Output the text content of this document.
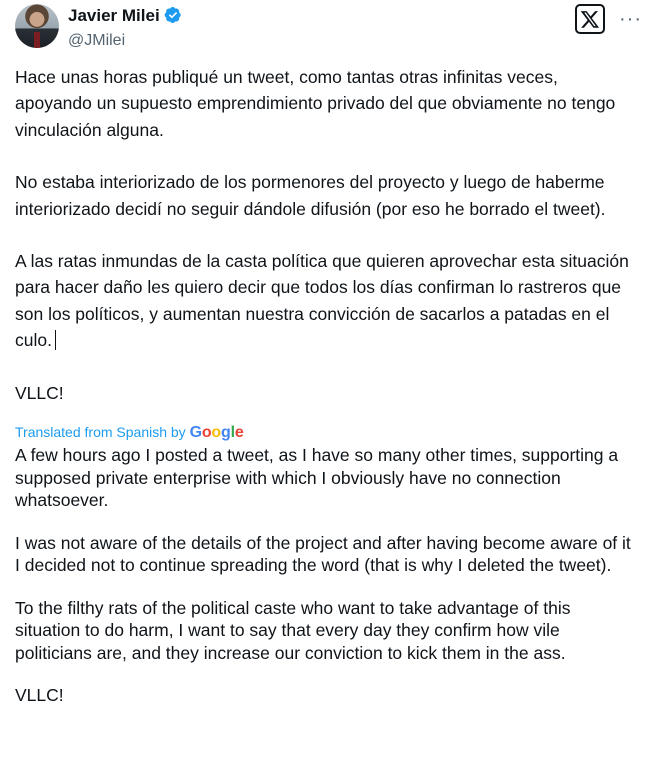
Javier Milei
@JMilei
···

Hace unas horas publiqué un tweet, como tantas otras infinitas veces, apoyando un supuesto emprendimiento privado del que obviamente no tengo vinculación alguna.

No estaba interiorizado de los pormenores del proyecto y luego de haberme interiorizado decidí no seguir dándole difusión (por eso he borrado el tweet).

A las ratas inmundas de la casta política que quieren aprovechar esta situación para hacer daño les quiero decir que todos los días confirman lo rastreros que son los políticos, y aumentan nuestra convicción de sacarlos a patadas en el culo.

VLLC!

Translated from Spanish by Google

A few hours ago I posted a tweet, as I have so many other times, supporting a supposed private enterprise with which I obviously have no connection whatsoever.

I was not aware of the details of the project and after having become aware of it I decided not to continue spreading the word (that is why I deleted the tweet).

To the filthy rats of the political caste who want to take advantage of this situation to do harm, I want to say that every day they confirm how vile politicians are, and they increase our conviction to kick them in the ass.

VLLC!
